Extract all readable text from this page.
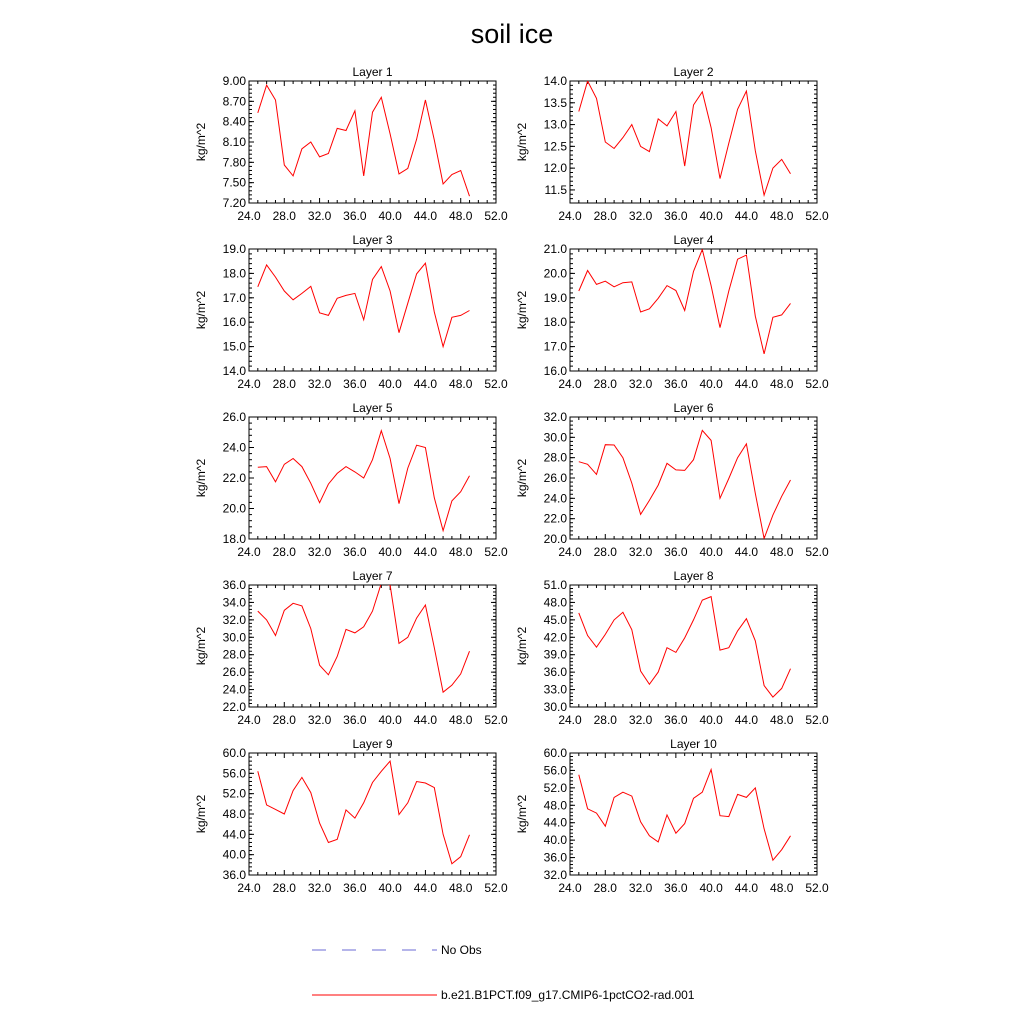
soil ice
Layer 1
kg/m^2
24.0 28.0 32.0 36.0 40.0 44.0 48.0 52.0
7.20
7.50
7.80
8.10
8.40
8.70
9.00
Layer 2
kg/m^2
24.0 28.0 32.0 36.0 40.0 44.0 48.0 52.0
11.5
12.0
12.5
13.0
13.5
14.0
Layer 3
kg/m^2
24.0 28.0 32.0 36.0 40.0 44.0 48.0 52.0
14.0
15.0
16.0
17.0
18.0
19.0
Layer 4
kg/m^2
24.0 28.0 32.0 36.0 40.0 44.0 48.0 52.0
16.0
17.0
18.0
19.0
20.0
21.0
Layer 5
kg/m^2
24.0 28.0 32.0 36.0 40.0 44.0 48.0 52.0
18.0
20.0
22.0
24.0
26.0
Layer 6
kg/m^2
24.0 28.0 32.0 36.0 40.0 44.0 48.0 52.0
20.0
22.0
24.0
26.0
28.0
30.0
32.0
Layer 7
kg/m^2
24.0 28.0 32.0 36.0 40.0 44.0 48.0 52.0
22.0
24.0
26.0
28.0
30.0
32.0
34.0
36.0
Layer 8
kg/m^2
24.0 28.0 32.0 36.0 40.0 44.0 48.0 52.0
30.0
33.0
36.0
39.0
42.0
45.0
48.0
51.0
Layer 9
kg/m^2
24.0 28.0 32.0 36.0 40.0 44.0 48.0 52.0
36.0
40.0
44.0
48.0
52.0
56.0
60.0
Layer 10
kg/m^2
24.0 28.0 32.0 36.0 40.0 44.0 48.0 52.0
32.0
36.0
40.0
44.0
48.0
52.0
56.0
60.0
No Obs
b.e21.B1PCT.f09_g17.CMIP6-1pctCO2-rad.001
